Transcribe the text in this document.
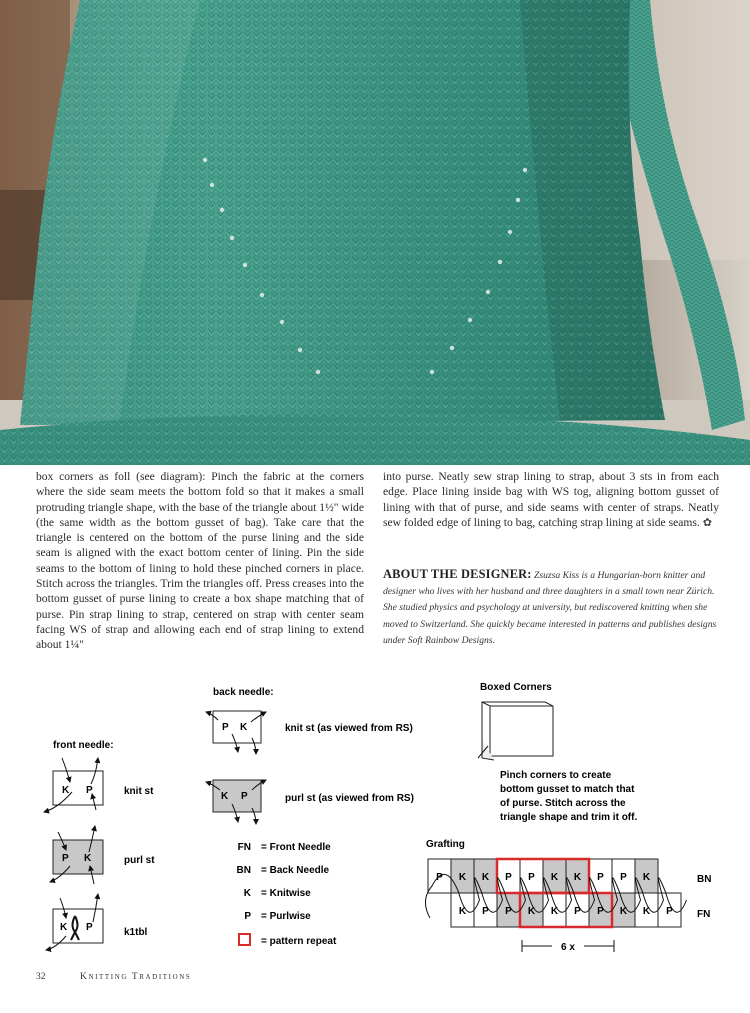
box corners as foll (see diagram): Pinch the fabric at the corners where the side seam meets the bottom fold so that it makes a small protruding triangle shape, with the base of the triangle about 1½" wide (the same width as the bottom gusset of bag). Take care that the triangle is centered on the bottom of the purse lining and the side seam is aligned with the exact bottom center of lining. Pin the side seams to the bottom of lining to hold these pinched corners in place. Stitch across the triangles. Trim the triangles off. Press creases into the bottom gusset of purse lining to create a box shape matching that of purse. Pin strap lining to strap, centered on strap with center seam facing WS of strap and allowing each end of strap lining to extend about 1¼"

into purse. Neatly sew strap lining to strap, about 3 sts in from each edge. Place lining inside bag with WS tog, aligning bottom gusset of lining with that of purse, and side seams with center of straps. Neatly sew folded edge of lining to bag, catching strap lining at side seams. ✿

ABOUT THE DESIGNER: Zsuzsa Kiss is a Hungarian-born knitter and designer who lives with her husband and three daughters in a small town near Zürich. She studied physics and psychology at university, but rediscovered knitting when she moved to Switzerland. She quickly became interested in patterns and publishes designs under Soft Rainbow Designs.
front needle:
K P	knit st
P K	purl st
K P	k1tbl
back needle:
P K	knit st (as viewed from RS)
K P	purl st (as viewed from RS)
FN = Front Needle
BN = Back Needle
K = Knitwise
P = Purlwise
= pattern repeat
Boxed Corners
Pinch corners to create bottom gusset to match that of purse. Stitch across the triangle shape and trim it off.
Grafting
P K K P P K K P P K
K P P K K P P K K P
BN
FN
6 x
32	Knitting Traditions
